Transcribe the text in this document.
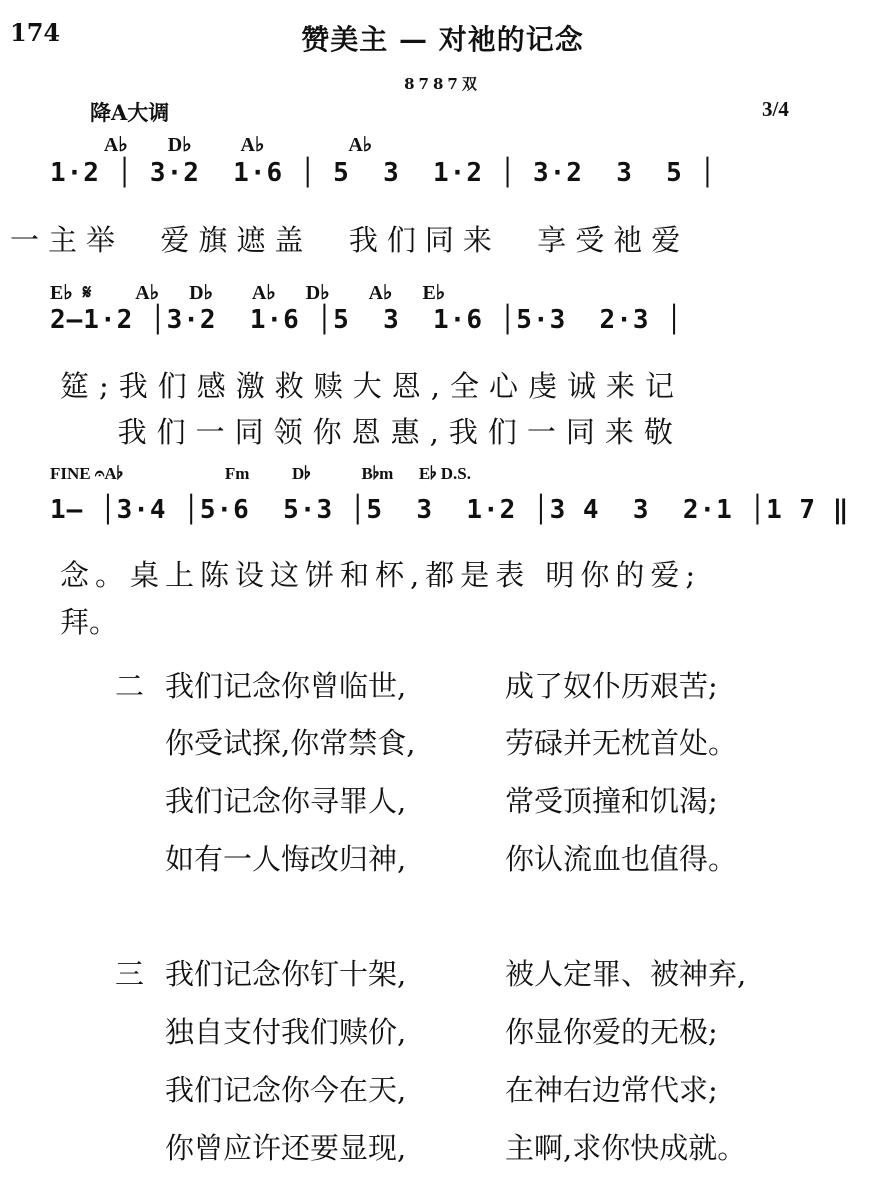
174	赞美主 — 对祂的记念
8787双
降A大调	3/4
A♭        D♭          A♭                 A♭
1·2 │ 3·2  1·6 │ 5  3  1·2 │ 3·2  3  5 │
一主举  爱旗遮盖  我们同来  享受祂爱
E♭  𝄋         A♭      D♭        A♭      D♭        A♭      E♭
2–1·2 │3·2  1·6 │5  3  1·6 │5·3  2·3 │
筵;我们感激救赎大恩,全心虔诚来记
我们一同领你恩惠,我们一同来敬
FINE 𝄐A♭                        Fm          D♭            B♭m      E♭ D.S.
1– │3·4 │5·6  5·3 │5  3  1·2 │3 4  3  2·1 │1 7 ‖
念。桌上陈设这饼和杯,都是表 明你的爱;
拜。
二 我们记念你曾临世,	成了奴仆历艰苦;
你受试探,你常禁食,	劳碌并无枕首处。
我们记念你寻罪人,	常受顶撞和饥渴;
如有一人悔改归神,	你认流血也值得。
三 我们记念你钉十架,	被人定罪、被神弃,
独自支付我们赎价,	你显你爱的无极;
我们记念你今在天,	在神右边常代求;
你曾应许还要显现,	主啊,求你快成就。
